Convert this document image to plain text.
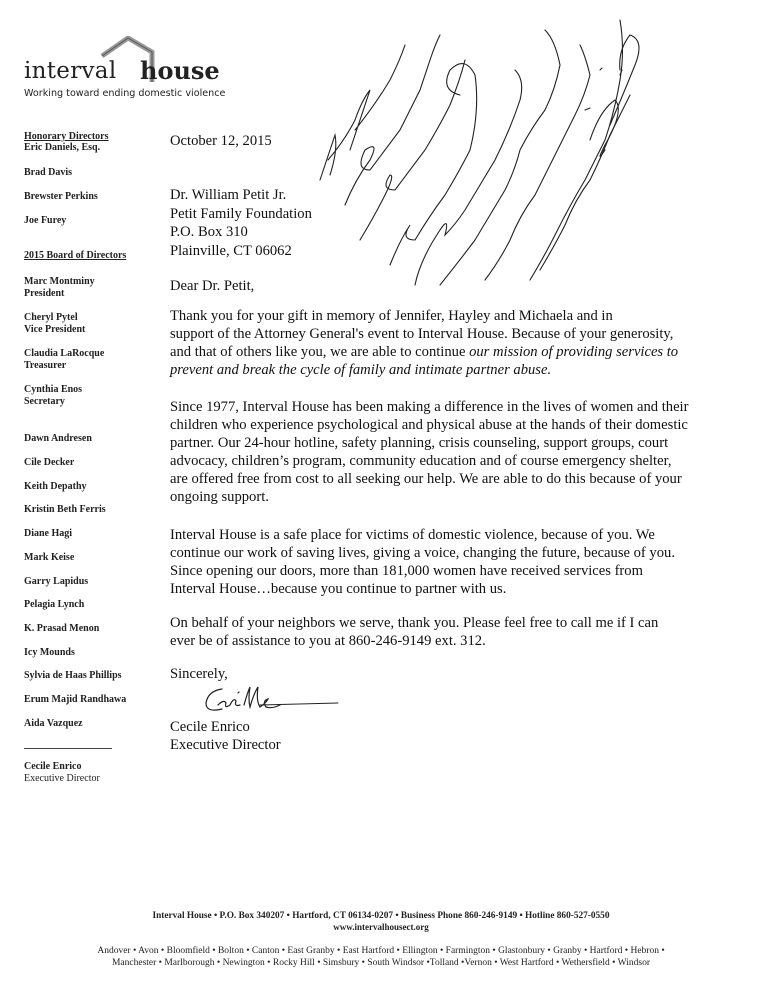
interval house
Working toward ending domestic violence
Honorary Directors
Eric Daniels, Esq.
Brad Davis
Brewster Perkins
Joe Furey
2015 Board of Directors
Marc Montminy
President
Cheryl Pytel
Vice President
Claudia LaRocque
Treasurer
Cynthia Enos
Secretary
Dawn Andresen
Cile Decker
Keith Depathy
Kristin Beth Ferris
Diane Hagi
Mark Keise
Garry Lapidus
Pelagia Lynch
K. Prasad Menon
Icy Mounds
Sylvia de Haas Phillips
Erum Majid Randhawa
Aida Vazquez
Cecile Enrico
Executive Director
October 12, 2015
Dr. William Petit Jr.
Petit Family Foundation
P.O. Box 310
Plainville, CT 06062
Dear Dr. Petit,
Thank you for your gift in memory of Jennifer, Hayley and Michaela and in
support of the Attorney General's event to Interval House. Because of your generosity,
and that of others like you, we are able to continue our mission of providing services to
prevent and break the cycle of family and intimate partner abuse.
Since 1977, Interval House has been making a difference in the lives of women and their
children who experience psychological and physical abuse at the hands of their domestic
partner. Our 24-hour hotline, safety planning, crisis counseling, support groups, court
advocacy, children’s program, community education and of course emergency shelter,
are offered free from cost to all seeking our help. We are able to do this because of your
ongoing support.
Interval House is a safe place for victims of domestic violence, because of you. We
continue our work of saving lives, giving a voice, changing the future, because of you.
Since opening our doors, more than 181,000 women have received services from
Interval House…because you continue to partner with us.
On behalf of your neighbors we serve, thank you. Please feel free to call me if I can
ever be of assistance to you at 860-246-9149 ext. 312.
Sincerely,
Cecile Enrico
Executive Director
Interval House • P.O. Box 340207 • Hartford, CT 06134-0207 • Business Phone 860-246-9149 • Hotline 860-527-0550
www.intervalhousect.org
Andover • Avon • Bloomfield • Bolton • Canton • East Granby • East Hartford • Ellington • Farmington • Glastonbury • Granby • Hartford • Hebron •
Manchester • Marlborough • Newington • Rocky Hill • Simsbury • South Windsor •Tolland •Vernon • West Hartford • Wethersfield • Windsor
